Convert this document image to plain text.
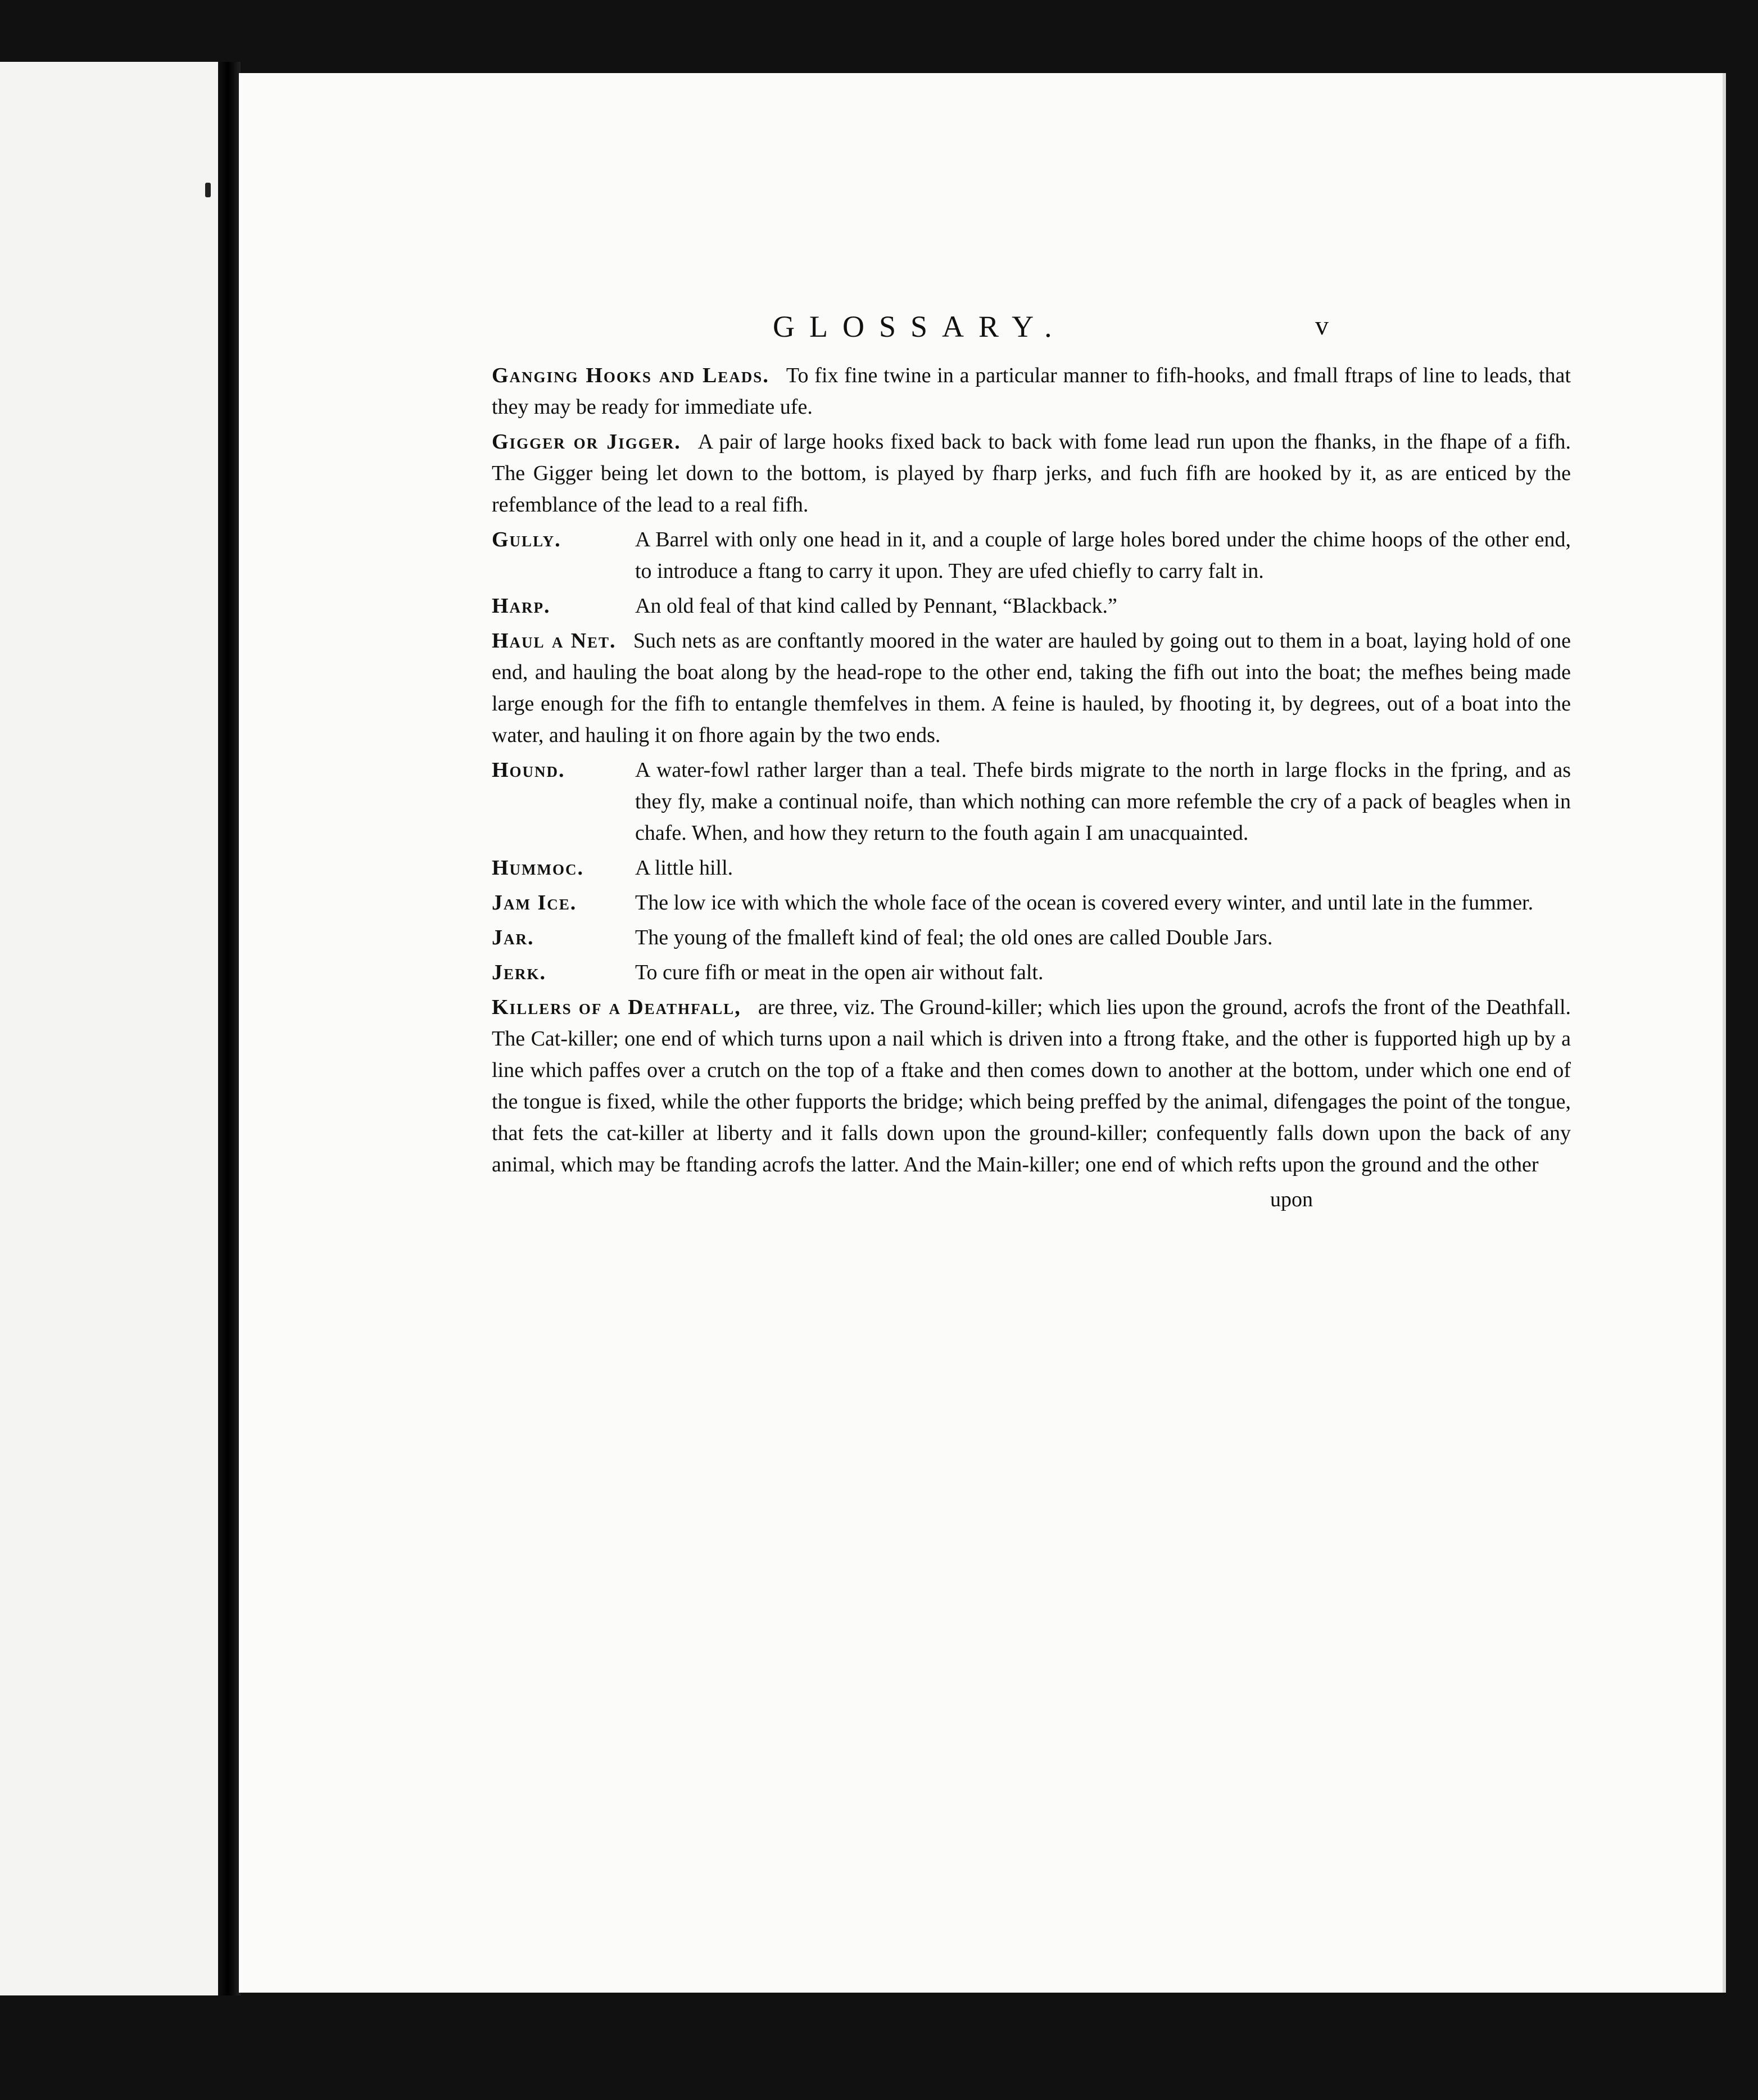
GLOSSARY.	v
Ganging Hooks and Leads. To fix fine twine in a particular manner to fifh-hooks, and fmall ftraps of line to leads, that they may be ready for immediate ufe.
Gigger or Jigger. A pair of large hooks fixed back to back with fome lead run upon the fhanks, in the fhape of a fifh. The Gigger being let down to the bottom, is played by fharp jerks, and fuch fifh are hooked by it, as are enticed by the refemblance of the lead to a real fifh.
Gully.	A Barrel with only one head in it, and a couple of large holes bored under the chime hoops of the other end, to introduce a ftang to carry it upon. They are ufed chiefly to carry falt in.
Harp.	An old feal of that kind called by Pennant, “Blackback.”
Haul a Net. Such nets as are conftantly moored in the water are hauled by going out to them in a boat, laying hold of one end, and hauling the boat along by the head-rope to the other end, taking the fifh out into the boat; the mefhes being made large enough for the fifh to entangle themfelves in them. A feine is hauled, by fhooting it, by degrees, out of a boat into the water, and hauling it on fhore again by the two ends.
Hound.	A water-fowl rather larger than a teal. Thefe birds migrate to the north in large flocks in the fpring, and as they fly, make a continual noife, than which nothing can more refemble the cry of a pack of beagles when in chafe. When, and how they return to the fouth again I am unacquainted.
Hummoc.	A little hill.
Jam Ice.	The low ice with which the whole face of the ocean is covered every winter, and until late in the fummer.
Jar.	The young of the fmalleft kind of feal; the old ones are called Double Jars.
Jerk.	To cure fifh or meat in the open air without falt.
Killers of a Deathfall, are three, viz. The Ground-killer; which lies upon the ground, acrofs the front of the Deathfall. The Cat-killer; one end of which turns upon a nail which is driven into a ftrong ftake, and the other is fupported high up by a line which paffes over a crutch on the top of a ftake and then comes down to another at the bottom, under which one end of the tongue is fixed, while the other fupports the bridge; which being preffed by the animal, difengages the point of the tongue, that fets the cat-killer at liberty and it falls down upon the ground-killer; confequently falls down upon the back of any animal, which may be ftanding acrofs the latter. And the Main-killer; one end of which refts upon the ground and the other
upon
